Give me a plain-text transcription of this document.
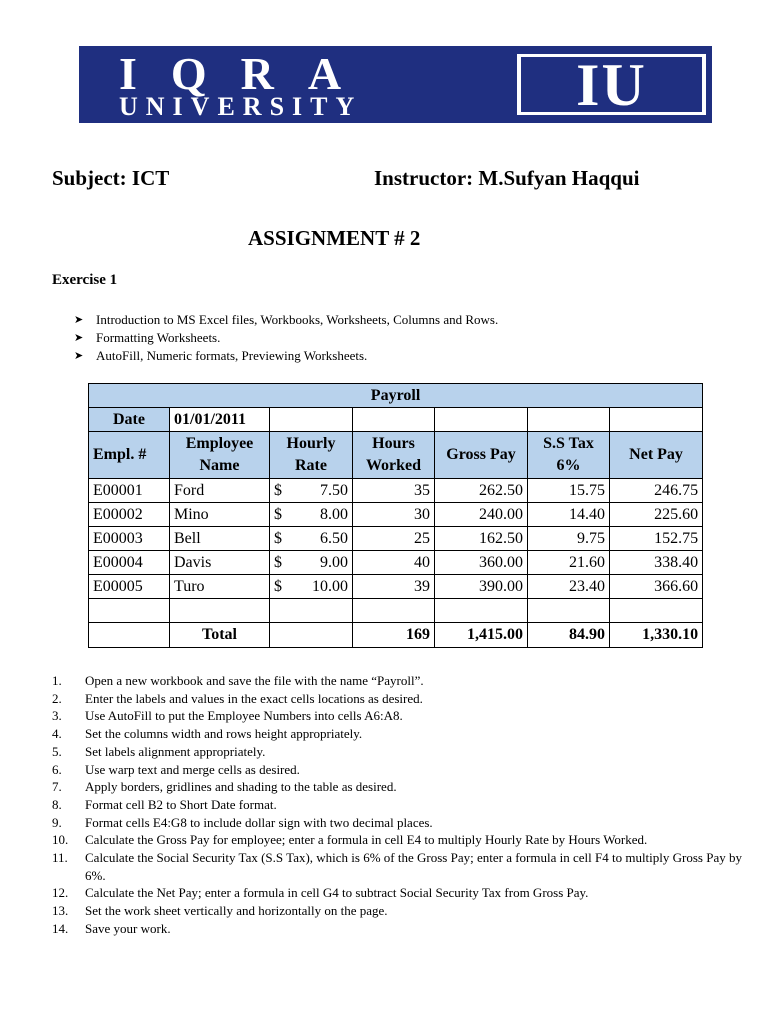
IQRA
UNIVERSITY	IU
Subject: ICT	Instructor: M.Sufyan Haqqui
ASSIGNMENT # 2
Exercise 1
➤ Introduction to MS Excel files, Workbooks, Worksheets, Columns and Rows.
➤ Formatting Worksheets.
➤ AutoFill, Numeric formats, Previewing Worksheets.
Payroll						
Date	01/01/2011					
Empl. #	Employee Name	Hourly Rate	Hours Worked	Gross Pay	S.S Tax 6%	Net Pay
E00001	Ford	$ 7.50	35	262.50	15.75	246.75
E00002	Mino	$ 8.00	30	240.00	14.40	225.60
E00003	Bell	$ 6.50	25	162.50	9.75	152.75
E00004	Davis	$ 9.00	40	360.00	21.60	338.40
E00005	Turo	$ 10.00	39	390.00	23.40	366.60

	Total		169	1,415.00	84.90	1,330.10
1. Open a new workbook and save the file with the name “Payroll”.
2. Enter the labels and values in the exact cells locations as desired.
3. Use AutoFill to put the Employee Numbers into cells A6:A8.
4. Set the columns width and rows height appropriately.
5. Set labels alignment appropriately.
6. Use warp text and merge cells as desired.
7. Apply borders, gridlines and shading to the table as desired.
8. Format cell B2 to Short Date format.
9. Format cells E4:G8 to include dollar sign with two decimal places.
10. Calculate the Gross Pay for employee; enter a formula in cell E4 to multiply Hourly Rate by Hours Worked.
11. Calculate the Social Security Tax (S.S Tax), which is 6% of the Gross Pay; enter a formula in cell F4 to multiply Gross Pay by 6%.
12. Calculate the Net Pay; enter a formula in cell G4 to subtract Social Security Tax from Gross Pay.
13. Set the work sheet vertically and horizontally on the page.
14. Save your work.
